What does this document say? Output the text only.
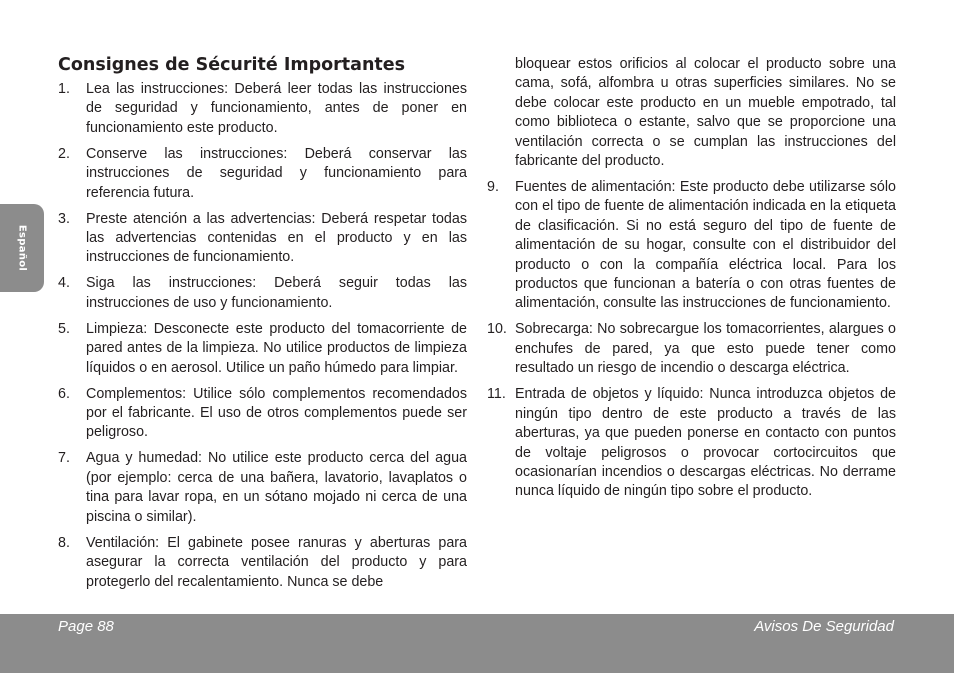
Español
Consignes de Sécurité Importantes
1. Lea las instrucciones: Deberá leer todas las instrucciones de seguridad y funcionamiento, antes de poner en funcionamiento este producto.
2. Conserve las instrucciones: Deberá conservar las instrucciones de seguridad y funcionamiento para referencia futura.
3. Preste atención a las advertencias: Deberá respetar todas las advertencias contenidas en el producto y en las instrucciones de funcionamiento.
4. Siga las instrucciones: Deberá seguir todas las instrucciones de uso y funcionamiento.
5. Limpieza: Desconecte este producto del tomacorriente de pared antes de la limpieza. No utilice productos de limpieza líquidos o en aerosol. Utilice un paño húmedo para limpiar.
6. Complementos: Utilice sólo complementos recomendados por el fabricante. El uso de otros complementos puede ser peligroso.
7. Agua y humedad: No utilice este producto cerca del agua (por ejemplo: cerca de una bañera, lavatorio, lavaplatos o tina para lavar ropa, en un sótano mojado ni cerca de una piscina o similar).
8. Ventilación: El gabinete posee ranuras y aberturas para asegurar la correcta ventilación del producto y para protegerlo del recalentamiento. Nunca se debe
bloquear estos orificios al colocar el producto sobre una cama, sofá, alfombra u otras superficies similares. No se debe colocar este producto en un mueble empotrado, tal como biblioteca o estante, salvo que se proporcione una ventilación correcta o se cumplan las instrucciones del fabricante del producto.
9. Fuentes de alimentación: Este producto debe utilizarse sólo con el tipo de fuente de alimentación indicada en la etiqueta de clasificación. Si no está seguro del tipo de fuente de alimentación de su hogar, consulte con el distribuidor del producto o con la compañía eléctrica local. Para los productos que funcionan a batería o con otras fuentes de alimentación, consulte las instrucciones de funcionamiento.
10. Sobrecarga: No sobrecargue los tomacorrientes, alargues o enchufes de pared, ya que esto puede tener como resultado un riesgo de incendio o descarga eléctrica.
11. Entrada de objetos y líquido: Nunca introduzca objetos de ningún tipo dentro de este producto a través de las aberturas, ya que pueden ponerse en contacto con puntos de voltaje peligrosos o provocar cortocircuitos que ocasionarían incendios o descargas eléctricas. No derrame nunca líquido de ningún tipo sobre el producto.
Page 88	Avisos De Seguridad
